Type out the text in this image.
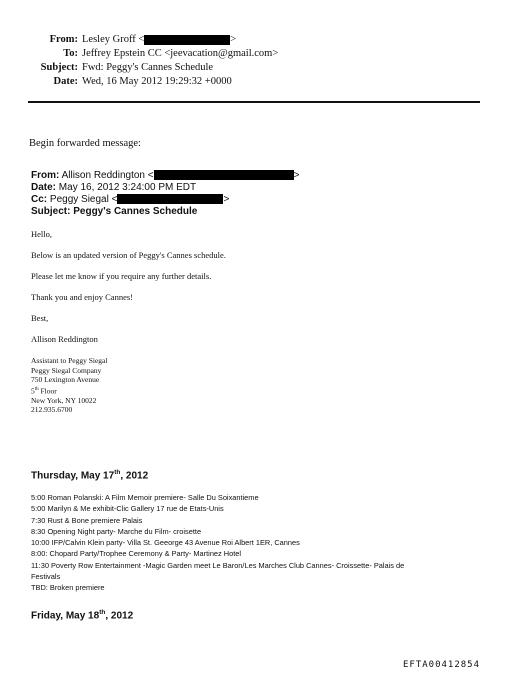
From: Lesley Groff <	>
To: Jeffrey Epstein CC <jeevacation@gmail.com>
Subject: Fwd: Peggy's Cannes Schedule
Date: Wed, 16 May 2012 19:29:32 +0000
Begin forwarded message:
From: Allison Reddington <	>
Date: May 16, 2012 3:24:00 PM EDT
Cc: Peggy Siegal <	>
Subject: Peggy's Cannes Schedule
Hello,
Below is an updated version of Peggy's Cannes schedule.
Please let me know if you require any further details.
Thank you and enjoy Cannes!
Best,
Allison Reddington
Assistant to Peggy Siegal
Peggy Siegal Company
750 Lexington Avenue
5th Floor
New York, NY 10022
212.935.6700
Thursday, May 17th, 2012
5:00 Roman Polanski: A Film Memoir premiere- Salle Du Soixantieme
5:00 Marilyn & Me exhibit-Clic Gallery 17 rue de Etats-Unis
7:30 Rust & Bone premiere Palais
8:30 Opening Night party- Marche du Film- croisette
10:00 IFP/Calvin Klein party- Villa St. Geeorge 43 Avenue Roi Albert 1ER, Cannes
8:00: Chopard Party/Trophee Ceremony & Party- Martinez Hotel
11:30 Poverty Row Entertainment -Magic Garden meet Le Baron/Les Marches Club Cannes- Croissette- Palais de
Festivals
TBD: Broken premiere
Friday, May 18th, 2012
EFTA00412854
